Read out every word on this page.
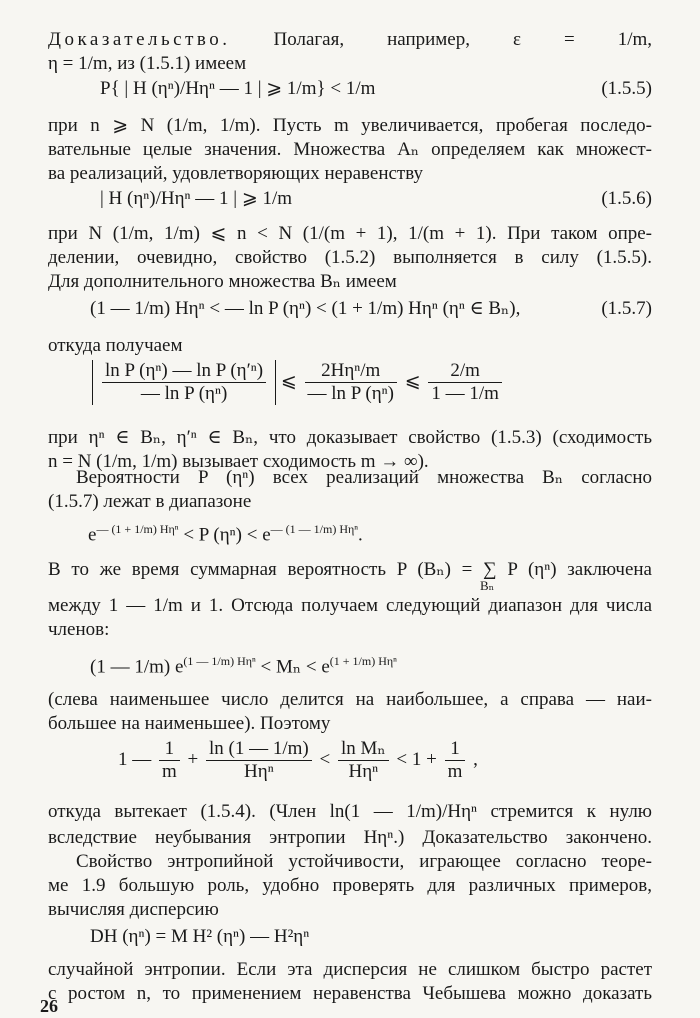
Доказательство. Полагая, например, ε = 1/m,
η = 1/m, из (1.5.1) имеем
P{ | H (ηⁿ)/Hηⁿ — 1 | ⩾ 1/m} < 1/m	(1.5.5)
при n ⩾ N (1/m, 1/m). Пусть m увеличивается, пробегая последо-
вательные целые значения. Множества Aₙ определяем как множест-
ва реализаций, удовлетворяющих неравенству
| H (ηⁿ)/Hηⁿ — 1 | ⩾ 1/m	(1.5.6)
при N (1/m, 1/m) ⩽ n < N (1/(m + 1), 1/(m + 1). При таком опре-
делении, очевидно, свойство (1.5.2) выполняется в силу (1.5.5).
Для дополнительного множества Bₙ имеем
(1 — 1/m) Hηⁿ < — ln P (ηⁿ) < (1 + 1/m) Hηⁿ (ηⁿ ∈ Bₙ),	(1.5.7)
откуда получаем
$\frac{\text{ln P (ηⁿ) — ln P (η′ⁿ)}}{\text{— ln P (ηⁿ)}}$ ⩽ $\frac{\text{2Hηⁿ/m}}{\text{— ln P (ηⁿ)}}$ ⩽ $\frac{2/m}{1 — 1/m}$
при ηⁿ ∈ Bₙ, η′ⁿ ∈ Bₙ, что доказывает свойство (1.5.3) (сходимость
n = N (1/m, 1/m) вызывает сходимость m → ∞).
Вероятности P (ηⁿ) всех реализаций множества Bₙ согласно
(1.5.7) лежат в диапазоне
$e^{— (1 + 1/m) H\eta^n} < P$ $(\eta^n) < e^{— (1 — 1/m) H\eta^n}$.
В то же время суммарная вероятность P (Bₙ) = ∑ P (ηⁿ) заключена
Bₙ
между 1 — 1/m и 1. Отсюда получаем следующий диапазон для числа
членов:
(1 — 1/m) $e^{(1 — 1/m) H\eta^n} < M_n < e^{(1 + 1/m) H\eta^n}$
(слева наименьшее число делится на наибольшее, а справа — наи-
большее на наименьшее). Поэтому
1 — $\frac{1}{m} + \frac{\ln (1 — 1/m)}{\text{Hηⁿ}} < \frac{\text{ln Mₙ}}{\text{Hηⁿ}} < 1 + \frac{1}{m}$ ,
откуда вытекает (1.5.4). (Член ln(1 — 1/m)/Hηⁿ стремится к нулю
вследствие неубывания энтропии Hηⁿ.) Доказательство закончено.
Свойство энтропийной устойчивости, играющее согласно теоре-
ме 1.9 большую роль, удобно проверять для различных примеров,
вычисляя дисперсию
DH (ηⁿ) = M H² (ηⁿ) — H²ηⁿ
случайной энтропии. Если эта дисперсия не слишком быстро растет
с ростом n, то применением неравенства Чебышева можно доказать
26
